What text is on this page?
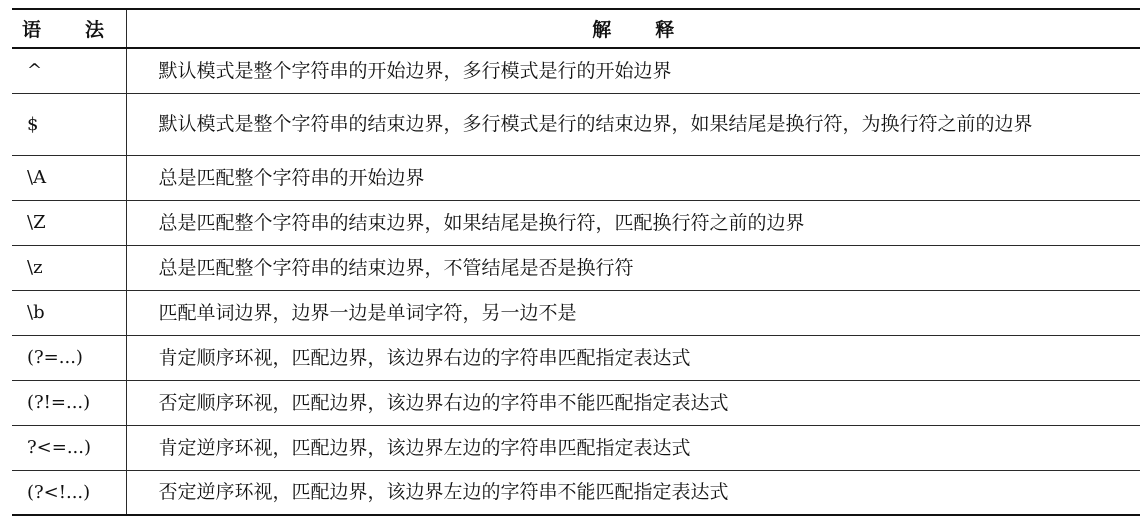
语 法	解 释
^	默认模式是整个字符串的开始边界，多行模式是行的开始边界
$	默认模式是整个字符串的结束边界，多行模式是行的结束边界，如果结尾是换行符，为换行符之前的边界
\A	总是匹配整个字符串的开始边界
\Z	总是匹配整个字符串的结束边界，如果结尾是换行符，匹配换行符之前的边界
\z	总是匹配整个字符串的结束边界，不管结尾是否是换行符
\b	匹配单词边界，边界一边是单词字符，另一边不是
(?=...)	肯定顺序环视，匹配边界，该边界右边的字符串匹配指定表达式
(?!=...)	否定顺序环视，匹配边界，该边界右边的字符串不能匹配指定表达式
?<=...)	肯定逆序环视，匹配边界，该边界左边的字符串匹配指定表达式
(?<!...)	否定逆序环视，匹配边界，该边界左边的字符串不能匹配指定表达式
